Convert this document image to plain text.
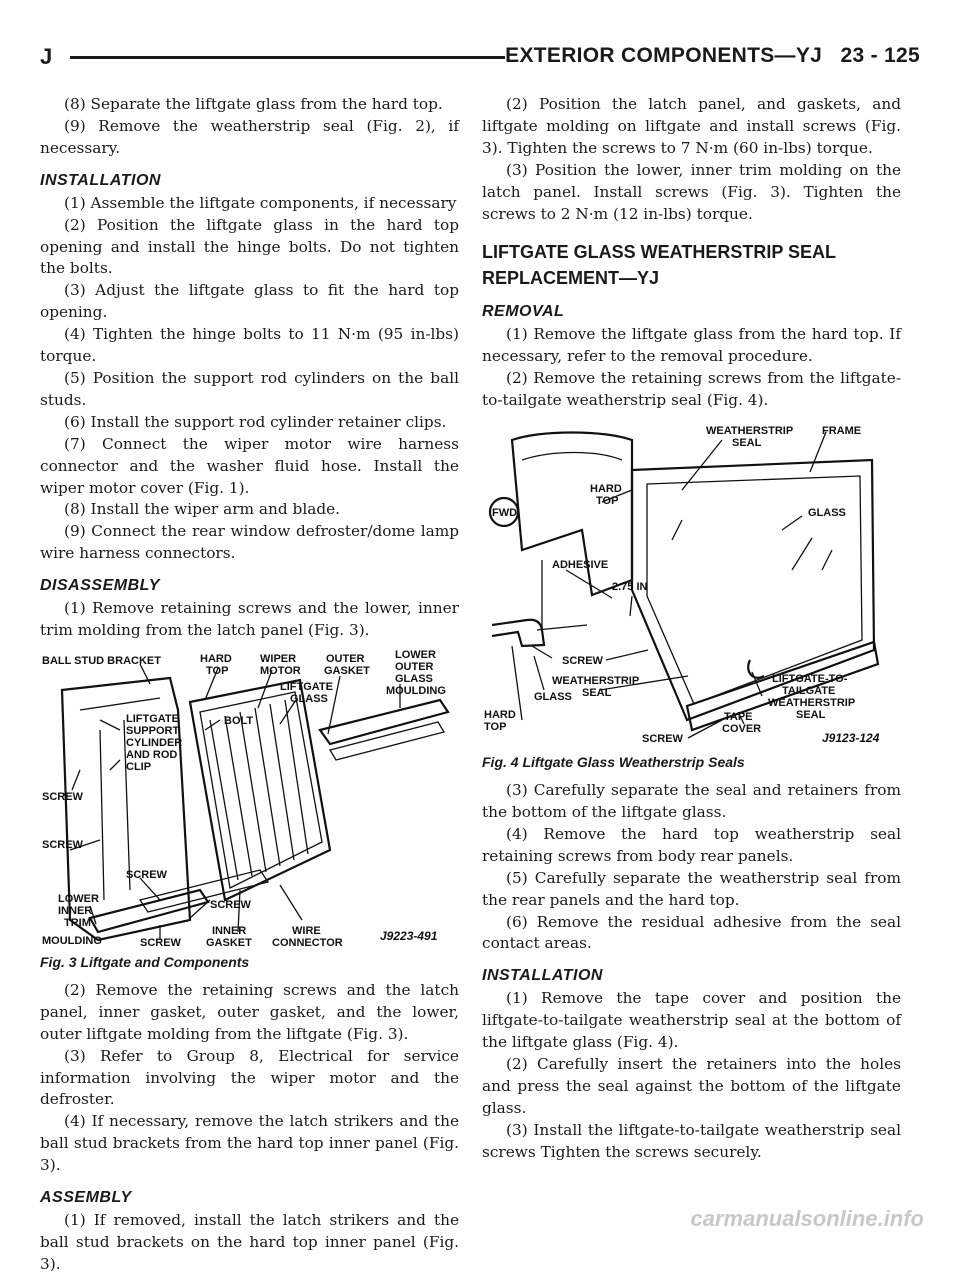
J	EXTERIOR COMPONENTS—YJ 23 - 125

(8) Separate the liftgate glass from the hard top.

(9) Remove the weatherstrip seal (Fig. 2), if necessary.

INSTALLATION

(1) Assemble the liftgate components, if necessary

(2) Position the liftgate glass in the hard top opening and install the hinge bolts. Do not tighten the bolts.

(3) Adjust the liftgate glass to fit the hard top opening.

(4) Tighten the hinge bolts to 11 N·m (95 in-lbs) torque.

(5) Position the support rod cylinders on the ball studs.

(6) Install the support rod cylinder retainer clips.

(7) Connect the wiper motor wire harness connector and the washer fluid hose. Install the wiper motor cover (Fig. 1).

(8) Install the wiper arm and blade.

(9) Connect the rear window defroster/dome lamp wire harness connectors.

DISASSEMBLY

(1) Remove retaining screws and the lower, inner trim molding from the latch panel (Fig. 3).

BALL STUD BRACKET	HARD
TOP
WIPER
MOTOR
OUTER
GASKET
LOWER
OUTER
GLASS
MOULDING
LIFTGATE
GLASS
BOLT
LIFTGATE
SUPPORT
CYLINDER
AND ROD
CLIP
SCREW
SCREW
SCREW
SCREW
LOWER
INNER
TRIM
MOULDING	SCREW
INNER
GASKET
WIRE
CONNECTOR	J9223-491
Fig. 3 Liftgate and Components

(2) Remove the retaining screws and the latch panel, inner gasket, outer gasket, and the lower, outer liftgate molding from the liftgate (Fig. 3).

(3) Refer to Group 8, Electrical for service information involving the wiper motor and the defroster.

(4) If necessary, remove the latch strikers and the ball stud brackets from the hard top inner panel (Fig. 3).

ASSEMBLY

(1) If removed, install the latch strikers and the ball stud brackets on the hard top inner panel (Fig. 3).

(2) Position the latch panel, and gaskets, and liftgate molding on liftgate and install screws (Fig. 3). Tighten the screws to 7 N·m (60 in-lbs) torque.

(3) Position the lower, inner trim molding on the latch panel. Install screws (Fig. 3). Tighten the screws to 2 N·m (12 in-lbs) torque.

LIFTGATE GLASS WEATHERSTRIP SEAL
REPLACEMENT—YJ
REMOVAL

(1) Remove the liftgate glass from the hard top. If necessary, refer to the removal procedure.

(2) Remove the retaining screws from the liftgate-to-tailgate weatherstrip seal (Fig. 4).

WEATHERSTRIP
SEAL
FRAME
HARD
TOP
GLASS
ADHESIVE
FWD
2.75 IN
SCREW
WEATHERSTRIP
SEAL
LIFTGATE-TO-
TAILGATE
WEATHERSTRIP
SEAL
GLASS
HARD
TOP
SCREW
TAPE
COVER
J9123-124
Fig. 4 Liftgate Glass Weatherstrip Seals

(3) Carefully separate the seal and retainers from the bottom of the liftgate glass.

(4) Remove the hard top weatherstrip seal retaining screws from body rear panels.

(5) Carefully separate the weatherstrip seal from the rear panels and the hard top.

(6) Remove the residual adhesive from the seal contact areas.

INSTALLATION

(1) Remove the tape cover and position the liftgate-to-tailgate weatherstrip seal at the bottom of the liftgate glass (Fig. 4).

(2) Carefully insert the retainers into the holes and press the seal against the bottom of the liftgate glass.

(3) Install the liftgate-to-tailgate weatherstrip seal screws Tighten the screws securely.

carmanualsonline.info
